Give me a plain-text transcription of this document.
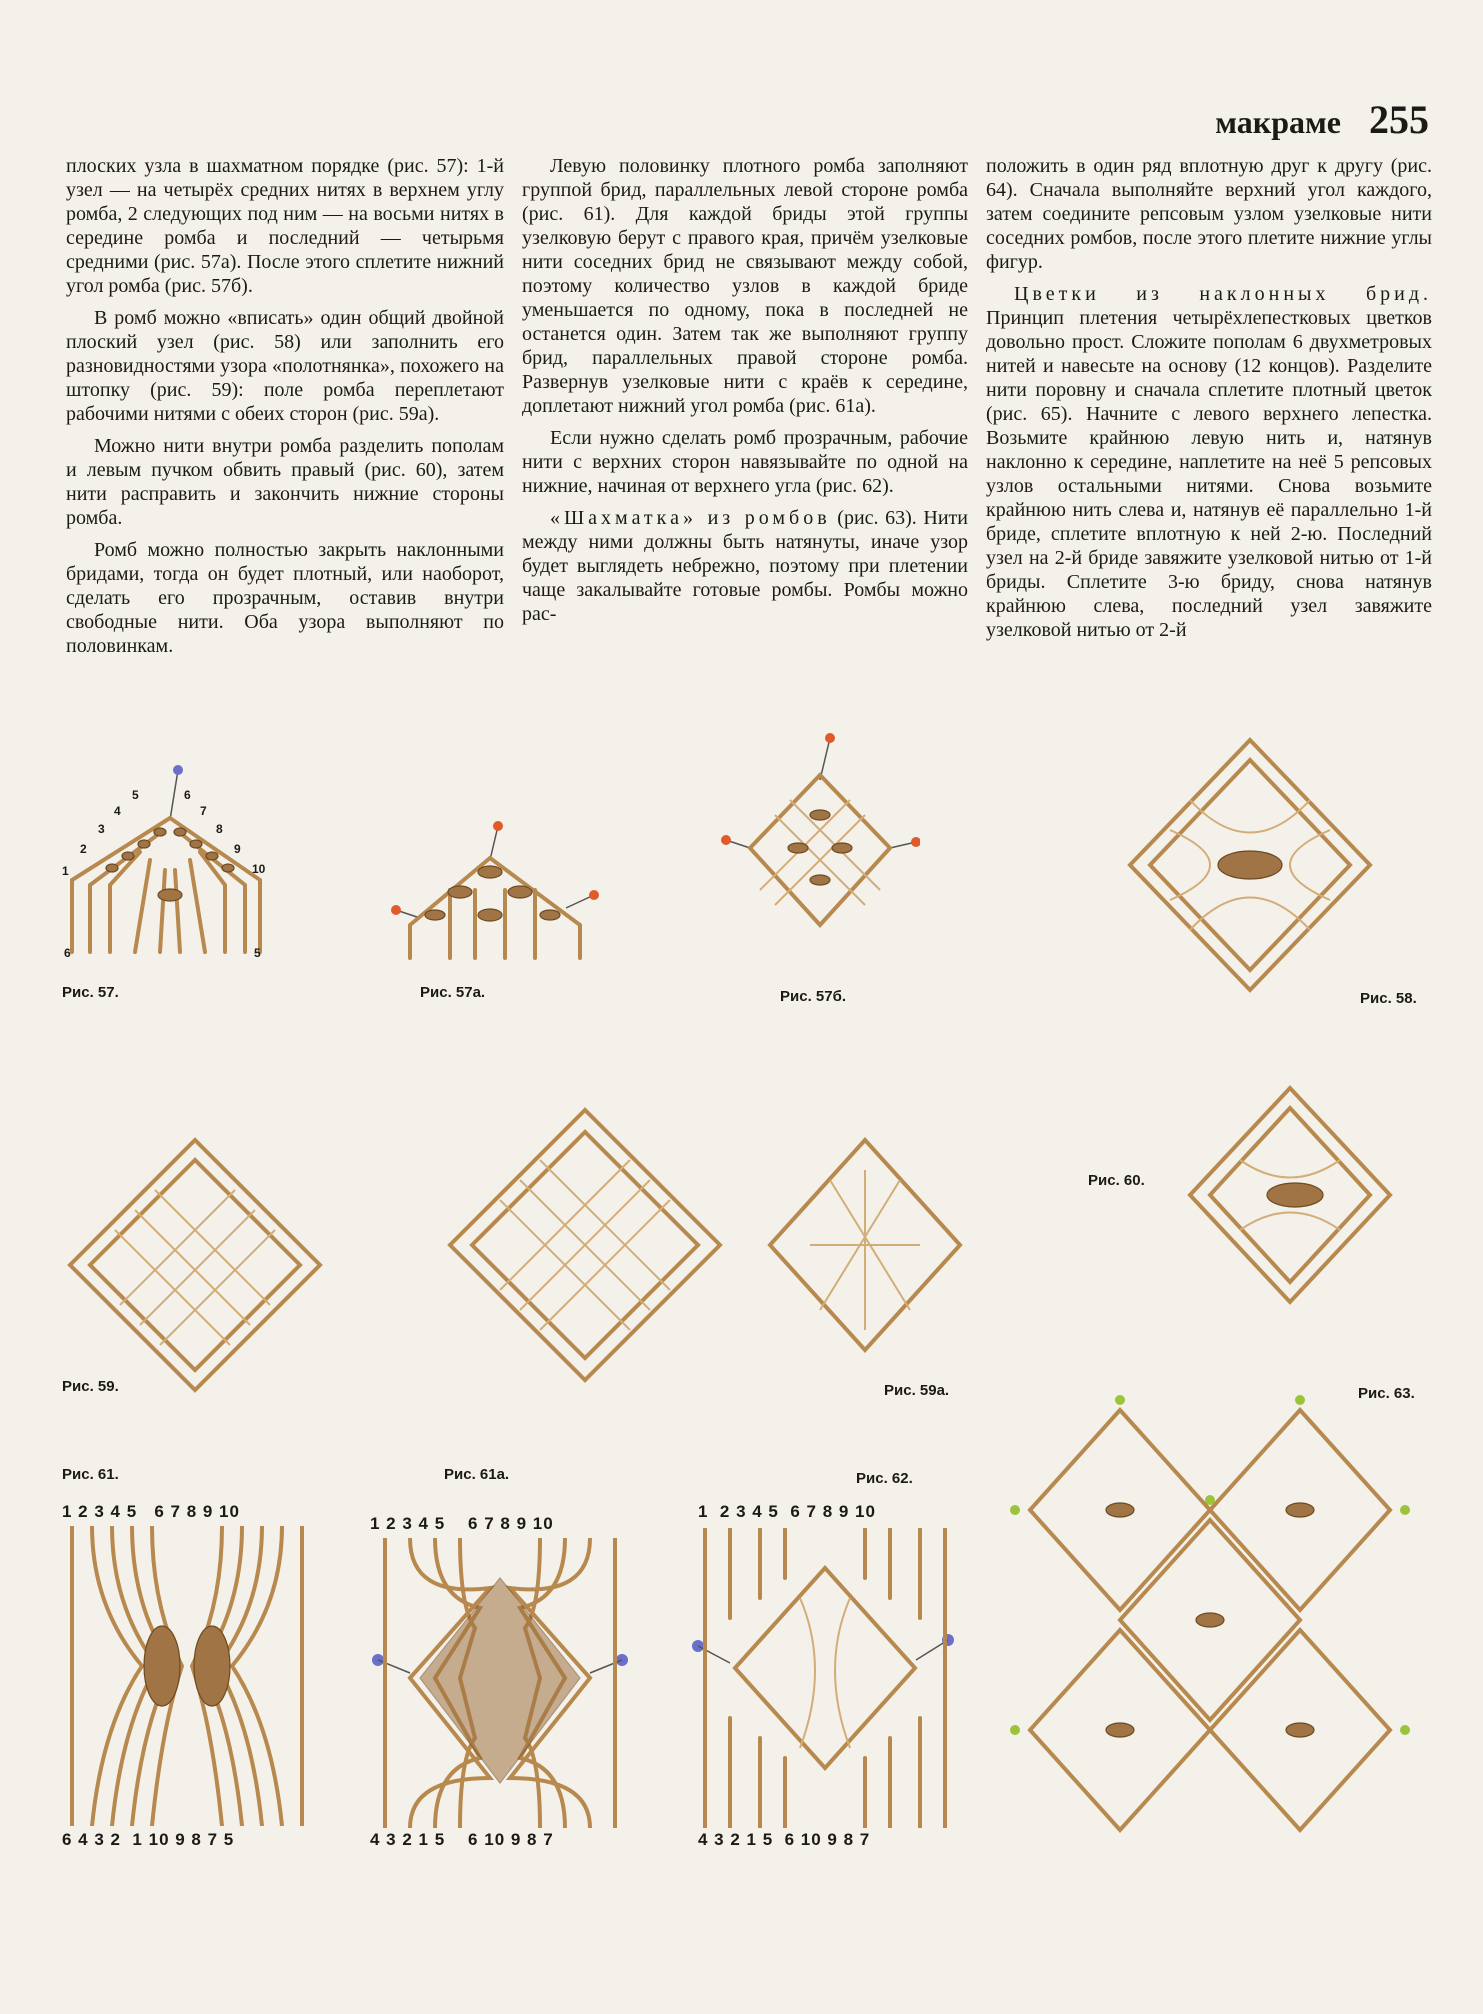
макраме 255

плоских узла в шахматном порядке (рис. 57): 1-й узел — на четырёх средних нитях в верхнем углу ромба, 2 следующих под ним — на восьми нитях в середине ромба и последний — четырьмя средними (рис. 57а). После этого сплетите нижний угол ромба (рис. 57б).

В ромб можно «вписать» один общий двойной плоский узел (рис. 58) или заполнить его разновидностями узора «полотнянка», похожего на штопку (рис. 59): поле ромба переплетают рабочими нитями с обеих сторон (рис. 59а).

Можно нити внутри ромба разделить пополам и левым пучком обвить правый (рис. 60), затем нити расправить и закончить нижние стороны ромба.

Ромб можно полностью закрыть наклонными бридами, тогда он будет плотный, или наоборот, сделать его прозрачным, оставив внутри свободные нити. Оба узора выполняют по половинкам.

Левую половинку плотного ромба заполняют группой брид, параллельных левой стороне ромба (рис. 61). Для каждой бриды этой группы узелковую берут с правого края, причём узелковые нити соседних брид не связывают между собой, поэтому количество узлов в каждой бриде уменьшается по одному, пока в последней не останется один. Затем так же выполняют группу брид, параллельных правой стороне ромба. Развернув узелковые нити с краёв к середине, доплетают нижний угол ромба (рис. 61а).

Если нужно сделать ромб прозрачным, рабочие нити с верхних сторон навязывайте по одной на нижние, начиная от верхнего угла (рис. 62).

«Шахматка» из ромбов (рис. 63). Нити между ними должны быть натянуты, иначе узор будет выглядеть небрежно, поэтому при плетении чаще закалывайте готовые ромбы. Ромбы можно рас-

положить в один ряд вплотную друг к другу (рис. 64). Сначала выполняйте верхний угол каждого, затем соедините репсовым узлом узелковые нити соседних ромбов, после этого плетите нижние углы фигур.

Цветки из наклонных брид. Принцип плетения четырёхлепестковых цветков довольно прост. Сложите пополам 6 двухметровых нитей и навесьте на основу (12 концов). Разделите нити поровну и сначала сплетите плотный цветок (рис. 65). Начните с левого верхнего лепестка. Возьмите крайнюю левую нить и, натянув наклонно к середине, наплетите на неё 5 репсовых узлов остальными нитями. Снова возьмите крайнюю нить слева и, натянув её параллельно 1-й бриде, сплетите вплотную к ней 2-ю. Последний узел на 2-й бриде завяжите узелковой нитью от 1-й бриды. Сплетите 3-ю бриду, снова натянув крайнюю слева, последний узел завяжите узелковой нитью от 2-й

1
2
3
4
5	6
7
8
9
10
6	5
Рис. 57.	Рис. 57а.	Рис. 57б.	Рис. 58.
Рис. 60.
Рис. 59.	Рис. 59а.	Рис. 63.
Рис. 61.
1 2 3 4 5   6 7 8 9 10
6 4 3 2  1 10 9 8 7 5
Рис. 61а.
1 2 3 4 5    6 7 8 9 10
4 3 2 1 5    6 10 9 8 7
Рис. 62.
1  2 3 4 5  6 7 8 9 10
4 3 2 1 5  6 10 9 8 7
